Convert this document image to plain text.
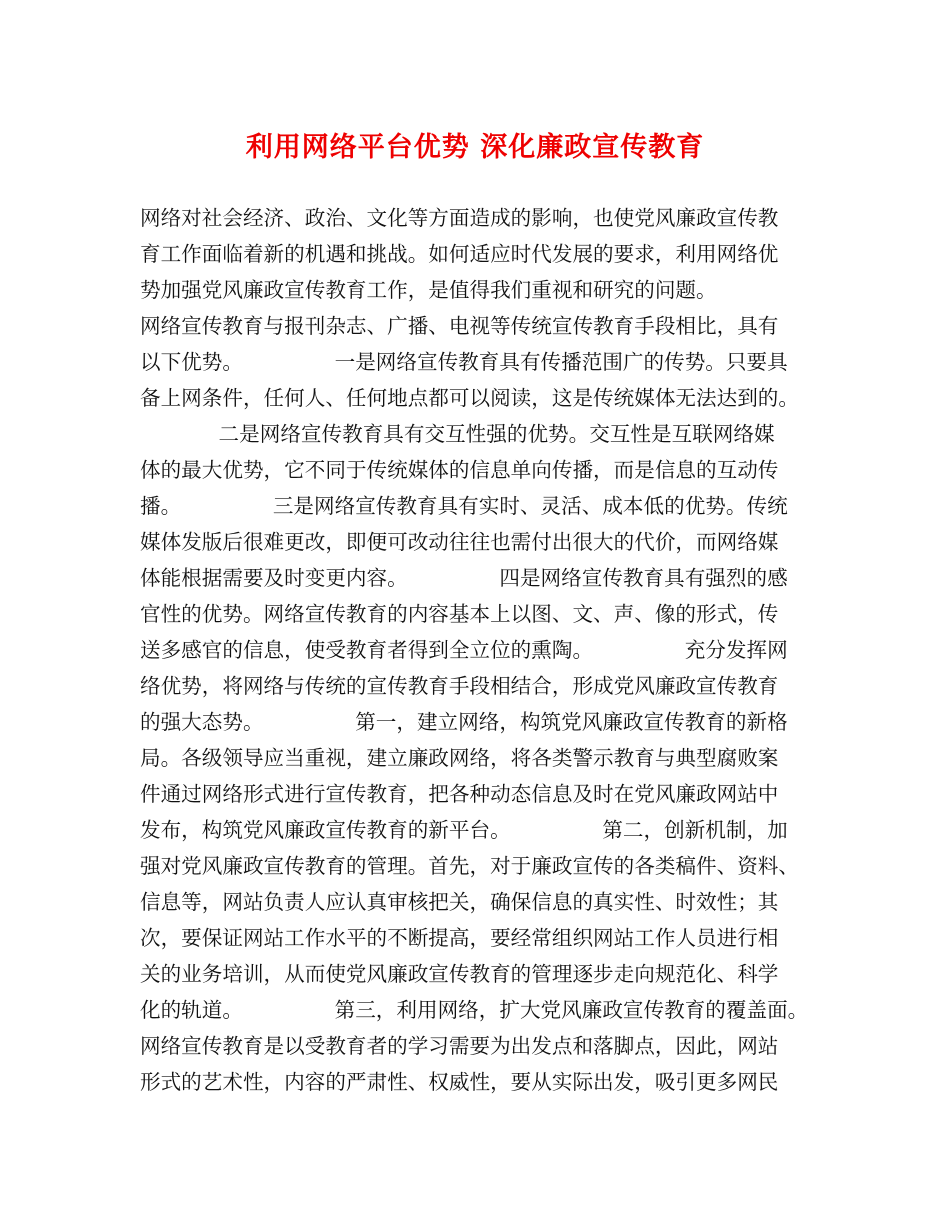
利用网络平台优势 深化廉政宣传教育
网络对社会经济、政治、文化等方面造成的影响，也使党风廉政宣传教
育工作面临着新的机遇和挑战。如何适应时代发展的要求，利用网络优
势加强党风廉政宣传教育工作，是值得我们重视和研究的问题。
网络宣传教育与报刊杂志、广播、电视等传统宣传教育手段相比，具有
以下优势。              一是网络宣传教育具有传播范围广的传势。只要具
备上网条件，任何人、任何地点都可以阅读，这是传统媒体无法达到的。
二是网络宣传教育具有交互性强的优势。交互性是互联网络媒
体的最大优势，它不同于传统媒体的信息单向传播，而是信息的互动传
播。              三是网络宣传教育具有实时、灵活、成本低的优势。传统
媒体发版后很难更改，即便可改动往往也需付出很大的代价，而网络媒
体能根据需要及时变更内容。              四是网络宣传教育具有强烈的感
官性的优势。网络宣传教育的内容基本上以图、文、声、像的形式，传
送多感官的信息，使受教育者得到全立位的熏陶。              充分发挥网
络优势，将网络与传统的宣传教育手段相结合，形成党风廉政宣传教育
的强大态势。              第一，建立网络，构筑党风廉政宣传教育的新格
局。各级领导应当重视，建立廉政网络，将各类警示教育与典型腐败案
件通过网络形式进行宣传教育，把各种动态信息及时在党风廉政网站中
发布，构筑党风廉政宣传教育的新平台。              第二，创新机制，加
强对党风廉政宣传教育的管理。首先，对于廉政宣传的各类稿件、资料、
信息等，网站负责人应认真审核把关，确保信息的真实性、时效性；其
次，要保证网站工作水平的不断提高，要经常组织网站工作人员进行相
关的业务培训，从而使党风廉政宣传教育的管理逐步走向规范化、科学
化的轨道。              第三，利用网络，扩大党风廉政宣传教育的覆盖面。
网络宣传教育是以受教育者的学习需要为出发点和落脚点，因此，网站
形式的艺术性，内容的严肃性、权威性，要从实际出发，吸引更多网民
